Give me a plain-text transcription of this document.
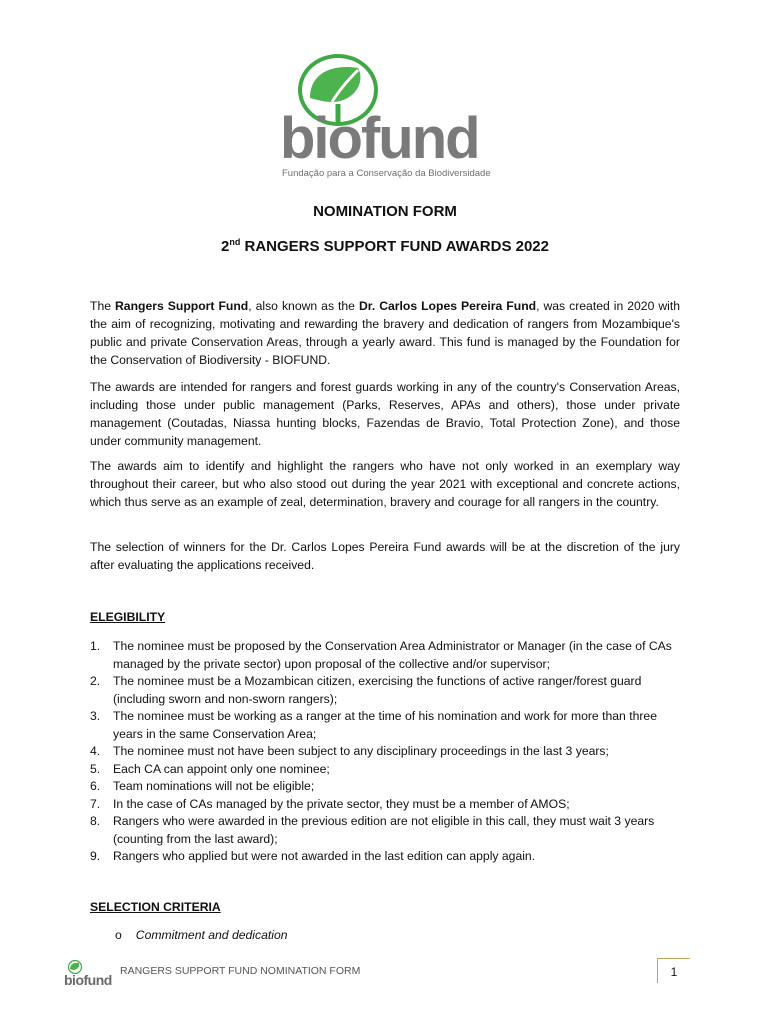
biofund
Fundação para a Conservação da Biodiversidade
NOMINATION FORM
2nd RANGERS SUPPORT FUND AWARDS 2022

The Rangers Support Fund, also known as the Dr. Carlos Lopes Pereira Fund, was created in 2020 with the aim of recognizing, motivating and rewarding the bravery and dedication of rangers from Mozambique's public and private Conservation Areas, through a yearly award. This fund is managed by the Foundation for the Conservation of Biodiversity - BIOFUND.

The awards are intended for rangers and forest guards working in any of the country's Conservation Areas, including those under public management (Parks, Reserves, APAs and others), those under private management (Coutadas, Niassa hunting blocks, Fazendas de Bravio, Total Protection Zone), and those under community management.

The awards aim to identify and highlight the rangers who have not only worked in an exemplary way throughout their career, but who also stood out during the year 2021 with exceptional and concrete actions, which thus serve as an example of zeal, determination, bravery and courage for all rangers in the country.

The selection of winners for the Dr. Carlos Lopes Pereira Fund awards will be at the discretion of the jury after evaluating the applications received.

ELEGIBILITY
1. The nominee must be proposed by the Conservation Area Administrator or Manager (in the case of CAs managed by the private sector) upon proposal of the collective and/or supervisor;
2. The nominee must be a Mozambican citizen, exercising the functions of active ranger/forest guard (including sworn and non-sworn rangers);
3. The nominee must be working as a ranger at the time of his nomination and work for more than three years in the same Conservation Area;
4. The nominee must not have been subject to any disciplinary proceedings in the last 3 years;
5. Each CA can appoint only one nominee;
6. Team nominations will not be eligible;
7. In the case of CAs managed by the private sector, they must be a member of AMOS;
8. Rangers who were awarded in the previous edition are not eligible in this call, they must wait 3 years (counting from the last award);
9. Rangers who applied but were not awarded in the last edition can apply again.
SELECTION CRITERIA
o Commitment and dedication
biofund
RANGERS SUPPORT FUND NOMINATION FORM	1
